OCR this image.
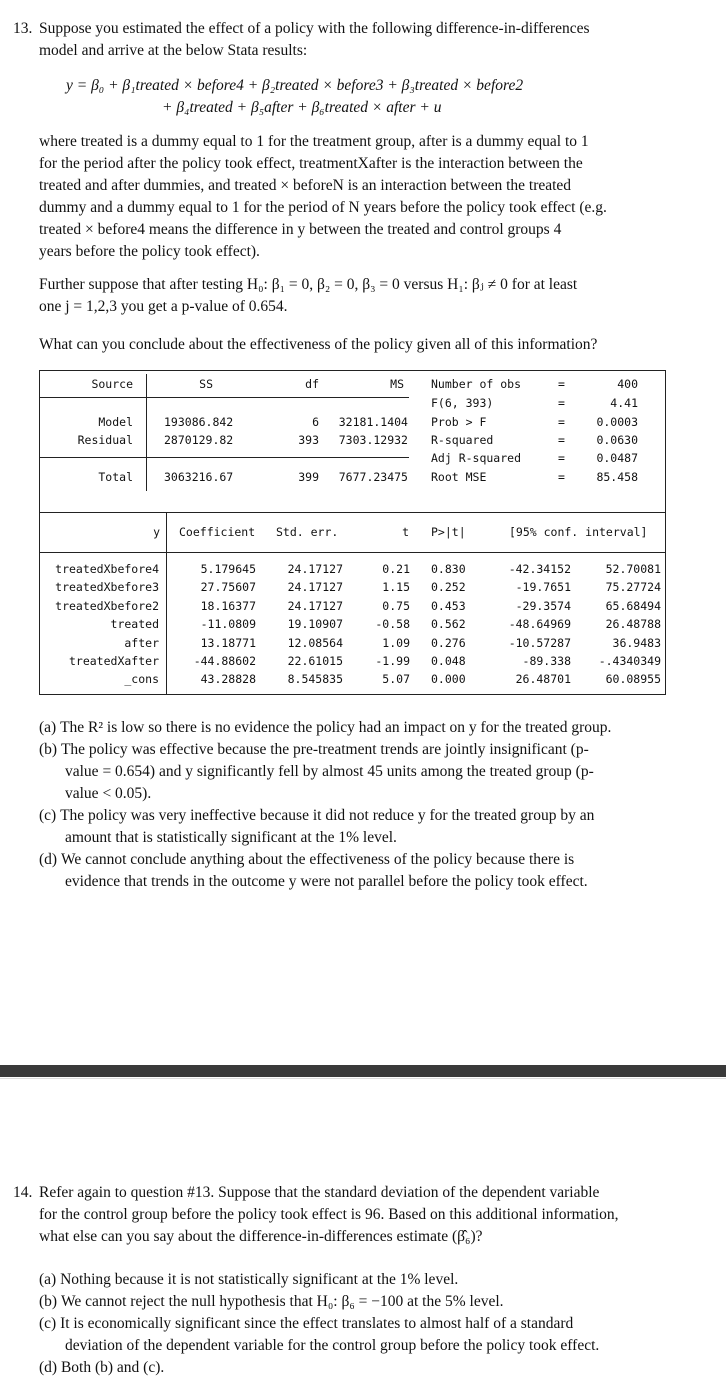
13. Suppose you estimated the effect of a policy with the following difference-in-differences
model and arrive at the below Stata results:
y = β₀ + β₁treated × before4 + β₂treated × before3 + β₃treated × before2
+ β₄treated + β₅after + β₆treated × after + u
where treated is a dummy equal to 1 for the treatment group, after is a dummy equal to 1
for the period after the policy took effect, treatmentXafter is the interaction between the
treated and after dummies, and treated × beforeN is an interaction between the treated
dummy and a dummy equal to 1 for the period of N years before the policy took effect (e.g.
treated × before4 means the difference in y between the treated and control groups 4
years before the policy took effect).
Further suppose that after testing H₀: β₁ = 0, β₂ = 0, β₃ = 0 versus H₁: βⱼ ≠ 0 for at least
one j = 1,2,3 you get a p-value of 0.654.
What can you conclude about the effectiveness of the policy given all of this information?
Source	SS	df	MS
Model	193086.842	6	32181.1404
Residual	2870129.82	393	7303.12932
Total	3063216.67	399	7677.23475
Number of obs	=	400
F(6, 393)	=	4.41
Prob > F	=	0.0003
R-squared	=	0.0630
Adj R-squared	=	0.0487
Root MSE	=	85.458
y Coefficient Std. err.	t P>|t|	[95% conf. interval]
treatedXbefore4	5.179645	24.17127	0.21 0.830	-42.34152	52.70081
treatedXbefore3	27.75607	24.17127	1.15 0.252	-19.7651	75.27724
treatedXbefore2	18.16377	24.17127	0.75 0.453	-29.3574	65.68494
treated	-11.0809	19.10907	-0.58 0.562	-48.64969	26.48788
after	13.18771	12.08564	1.09 0.276	-10.57287	36.9483
treatedXafter	-44.88602	22.61015	-1.99 0.048	-89.338	-.4340349
_cons	43.28828	8.545835	5.07 0.000	26.48701	60.08955
(a) The R² is low so there is no evidence the policy had an impact on y for the treated group.
(b) The policy was effective because the pre-treatment trends are jointly insignificant (p-
value = 0.654) and y significantly fell by almost 45 units among the treated group (p-
value < 0.05).
(c) The policy was very ineffective because it did not reduce y for the treated group by an
amount that is statistically significant at the 1% level.
(d) We cannot conclude anything about the effectiveness of the policy because there is
evidence that trends in the outcome y were not parallel before the policy took effect.
14. Refer again to question #13. Suppose that the standard deviation of the dependent variable
for the control group before the policy took effect is 96. Based on this additional information,
what else can you say about the difference-in-differences estimate (β̂₆)?
(a) Nothing because it is not statistically significant at the 1% level.
(b) We cannot reject the null hypothesis that H₀: β₆ = −100 at the 5% level.
(c) It is economically significant since the effect translates to almost half of a standard
deviation of the dependent variable for the control group before the policy took effect.
(d) Both (b) and (c).
